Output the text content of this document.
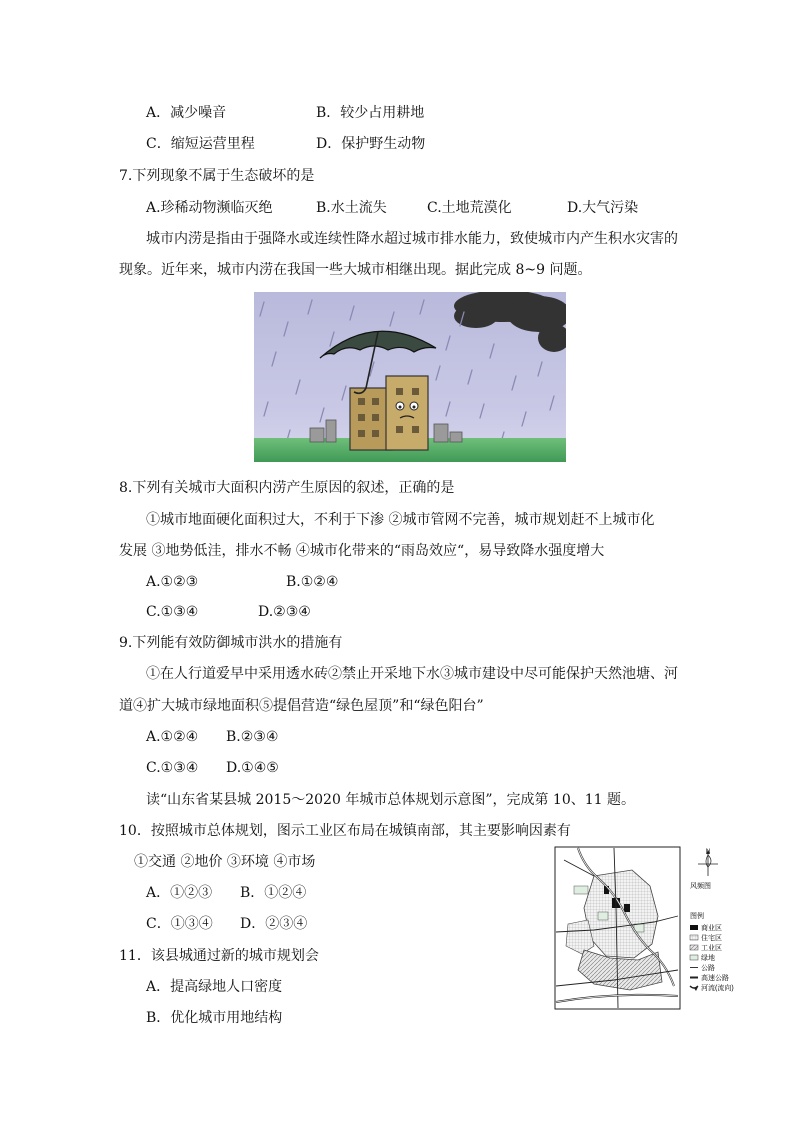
A．减少噪音	B．较少占用耕地
C．缩短运营里程	D．保护野生动物
7.下列现象不属于生态破坏的是
A.珍稀动物濒临灭绝	B.水土流失	C.土地荒漠化	D.大气污染
城市内涝是指由于强降水或连续性降水超过城市排水能力，致使城市内产生积水灾害的
现象。近年来，城市内涝在我国一些大城市相继出现。据此完成 8~9 问题。
8.下列有关城市大面积内涝产生原因的叙述，正确的是
①城市地面硬化面积过大，不利于下渗 ②城市管网不完善，城市规划赶不上城市化
发展 ③地势低洼，排水不畅 ④城市化带来的“雨岛效应“，易导致降水强度增大
A.①②③	B.①②④
C.①③④	D.②③④
9.下列能有效防御城市洪水的措施有
①在人行道爱早中采用透水砖②禁止开采地下水③城市建设中尽可能保护天然池塘、河
道④扩大城市绿地面积⑤提倡营造“绿色屋顶”和“绿色阳台”
A.①②④ B.②③④
C.①③④ D.①④⑤
读“山东省某县城 2015～2020 年城市总体规划示意图”，完成第 10、11 题。
10．按照城市总体规划，图示工业区布局在城镇南部，其主要影响因素有
①交通 ②地价 ③环境 ④市场
A．①②③ B．①②④
C．①③④ D．②③④
11．该县城通过新的城市规划会
A．提高绿地人口密度
B．优化城市用地结构
N
风频图
图例
商业区
住宅区
工业区
绿地
公路
高速公路
河流(流向)
